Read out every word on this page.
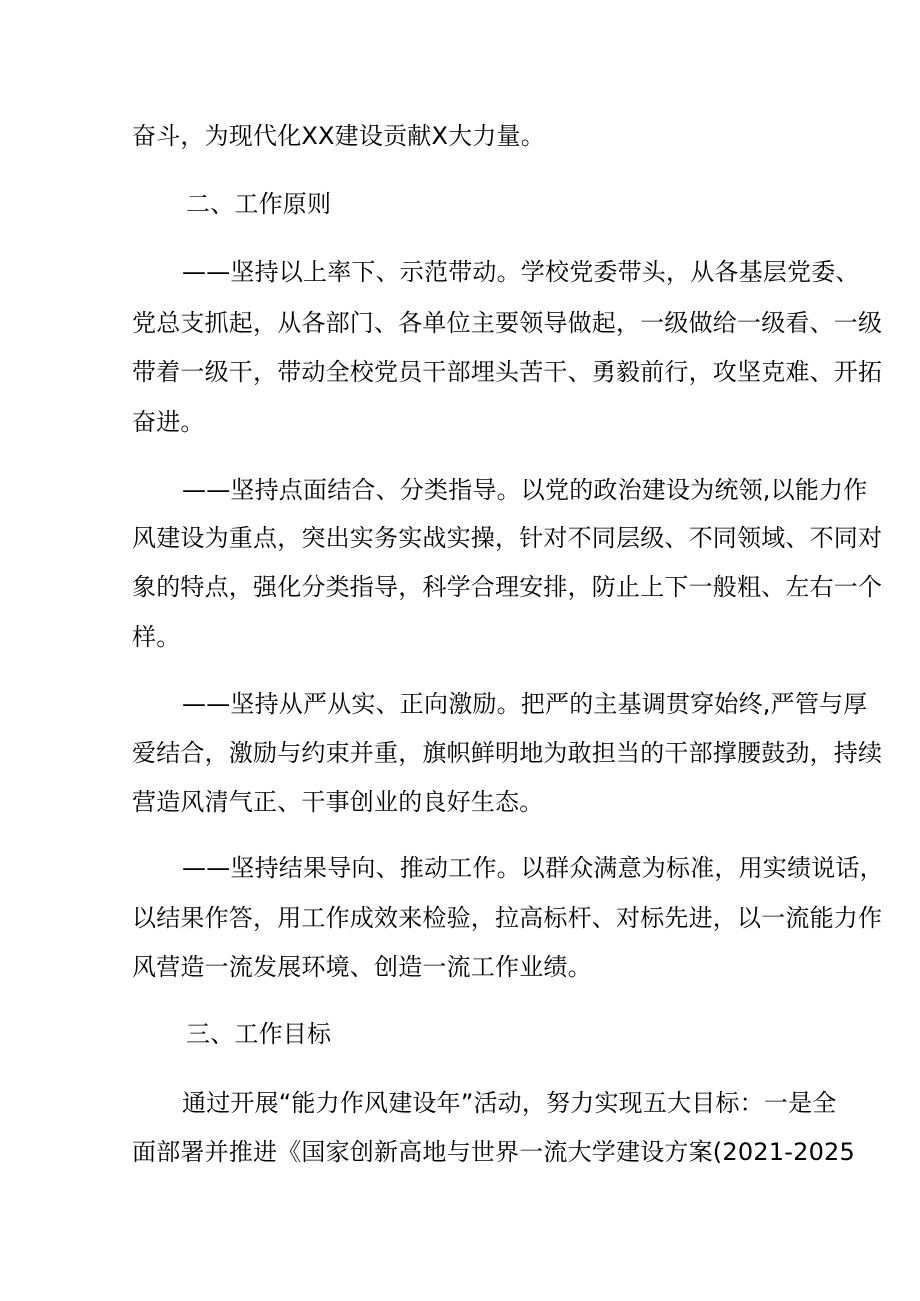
奋斗，为现代化XX建设贡献X大力量。
二、工作原则
——坚持以上率下、示范带动。学校党委带头，从各基层党委、
党总支抓起，从各部门、各单位主要领导做起，一级做给一级看、一级
带着一级干，带动全校党员干部埋头苦干、勇毅前行，攻坚克难、开拓
奋进。
——坚持点面结合、分类指导。以党的政治建设为统领,以能力作
风建设为重点，突出实务实战实操，针对不同层级、不同领域、不同对
象的特点，强化分类指导，科学合理安排，防止上下一般粗、左右一个
样。
——坚持从严从实、正向激励。把严的主基调贯穿始终,严管与厚
爱结合，激励与约束并重，旗帜鲜明地为敢担当的干部撑腰鼓劲，持续
营造风清气正、干事创业的良好生态。
——坚持结果导向、推动工作。以群众满意为标准，用实绩说话，
以结果作答，用工作成效来检验，拉高标杆、对标先进，以一流能力作
风营造一流发展环境、创造一流工作业绩。
三、工作目标
通过开展“能力作风建设年”活动，努力实现五大目标：一是全
面部署并推进《国家创新高地与世界一流大学建设方案(2021-2025
